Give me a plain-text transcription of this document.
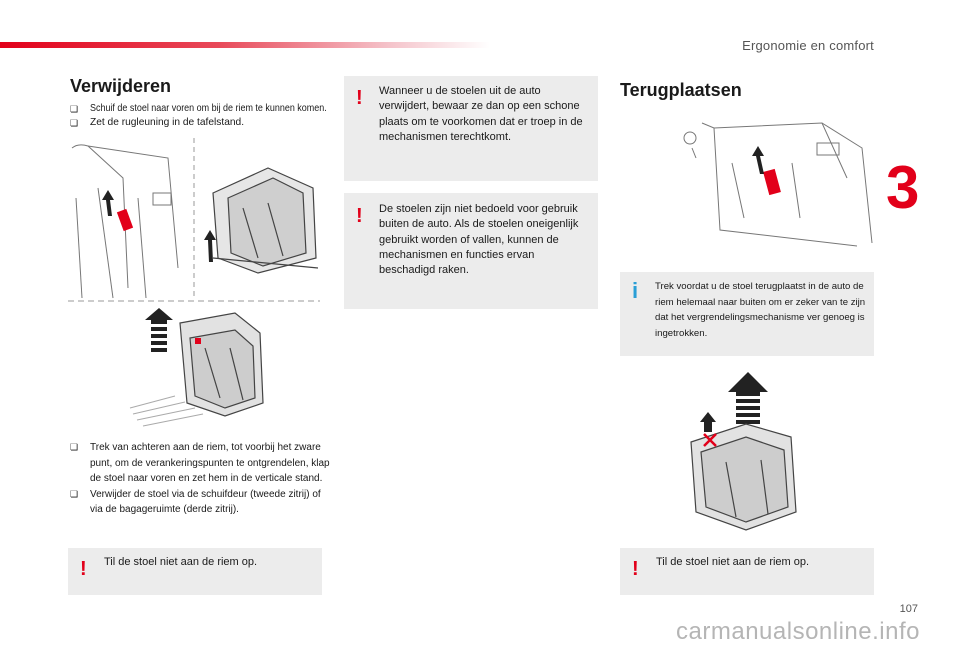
Ergonomie en comfort
3
Verwijderen
❏ Schuif de stoel naar voren om bij de riem te kunnen komen.
❏ Zet de rugleuning in de tafelstand.
❏ Trek van achteren aan de riem, tot voorbij het zware punt, om de verankeringspunten te ontgrendelen, klap de stoel naar voren en zet hem in de verticale stand.
❏ Verwijder de stoel via de schuifdeur (tweede zitrij) of via de bagageruimte (derde zitrij).
! Til de stoel niet aan de riem op.
! Wanneer u de stoelen uit de auto verwijdert, bewaar ze dan op een schone plaats om te voorkomen dat er troep in de mechanismen terechtkomt.
! De stoelen zijn niet bedoeld voor gebruik buiten de auto. Als de stoelen oneigenlijk gebruikt worden of vallen, kunnen de mechanismen en functies ervan beschadigd raken.
Terugplaatsen
i Trek voordat u de stoel terugplaatst in de auto de riem helemaal naar buiten om er zeker van te zijn dat het vergrendelingsmechanisme ver genoeg is ingetrokken.
! Til de stoel niet aan de riem op.
107
carmanualsonline.info
